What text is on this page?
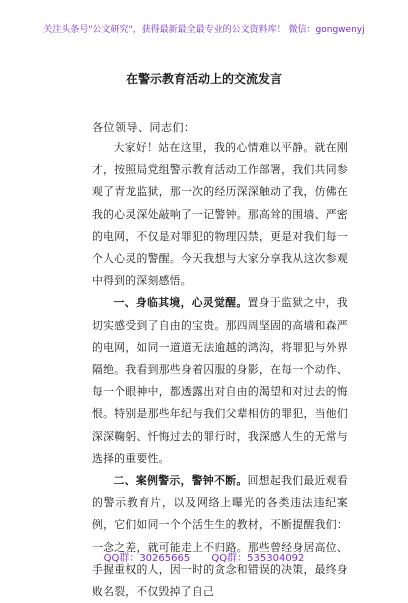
关注头条号"公文研究"，获得最新最全最专业的公文资料库！ 微信：gongwenyj
在警示教育活动上的交流发言
各位领导、同志们：

大家好！站在这里，我的心情难以平静。就在刚才，按照局党组警示教育活动工作部署，我们共同参观了青龙监狱，那一次的经历深深触动了我，仿佛在我的心灵深处敲响了一记警钟。那高耸的围墙、严密的电网，不仅是对罪犯的物理囚禁，更是对我们每一个人心灵的警醒。今天我想与大家分享我从这次参观中得到的深刻感悟。

一、身临其境，心灵觉醒。置身于监狱之中，我切实感受到了自由的宝贵。那四周坚固的高墙和森严的电网，如同一道道无法逾越的鸿沟，将罪犯与外界隔绝。我看到那些身着囚服的身影，在每一个动作、每一个眼神中，都透露出对自由的渴望和对过去的悔恨。特别是那些年纪与我们父辈相仿的罪犯，当他们深深鞠躬、忏悔过去的罪行时，我深感人生的无常与选择的重要性。

二、案例警示，警钟不断。回想起我们最近观看的警示教育片，以及网络上曝光的各类违法违纪案例，它们如同一个个活生生的教材，不断提醒我们：一念之差，就可能走上不归路。那些曾经身居高位、手握重权的人，因一时的贪念和错误的决策，最终身败名裂，不仅毁掉了自己

QQ群：30265665 QQ群：535304092
